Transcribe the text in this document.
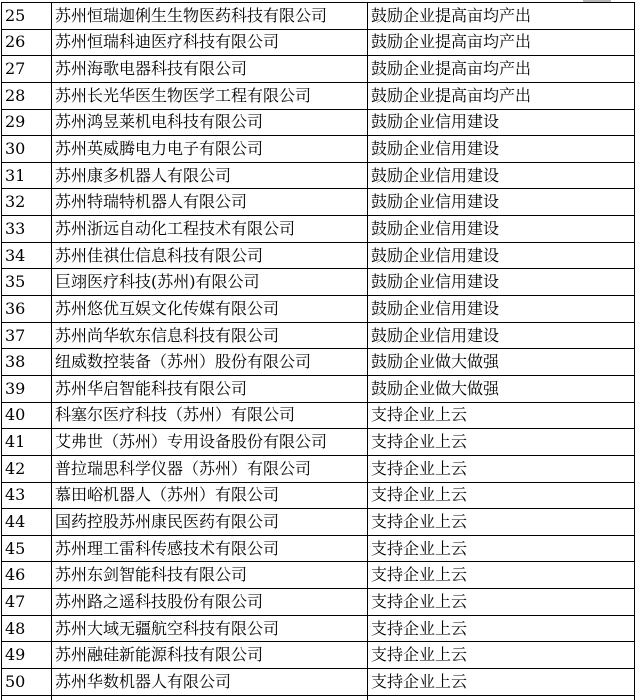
25	苏州恒瑞迦俐生生物医药科技有限公司	鼓励企业提高亩均产出
26	苏州恒瑞科迪医疗科技有限公司	鼓励企业提高亩均产出
27	苏州海歌电器科技有限公司	鼓励企业提高亩均产出
28	苏州长光华医生物医学工程有限公司	鼓励企业提高亩均产出
29	苏州鸿昱莱机电科技有限公司	鼓励企业信用建设
30	苏州英威腾电力电子有限公司	鼓励企业信用建设
31	苏州康多机器人有限公司	鼓励企业信用建设
32	苏州特瑞特机器人有限公司	鼓励企业信用建设
33	苏州浙远自动化工程技术有限公司	鼓励企业信用建设
34	苏州佳祺仕信息科技有限公司	鼓励企业信用建设
35	巨翊医疗科技(苏州)有限公司	鼓励企业信用建设
36	苏州悠优互娱文化传媒有限公司	鼓励企业信用建设
37	苏州尚华软东信息科技有限公司	鼓励企业信用建设
38	纽威数控装备（苏州）股份有限公司	鼓励企业做大做强
39	苏州华启智能科技有限公司	鼓励企业做大做强
40	科塞尔医疗科技（苏州）有限公司	支持企业上云
41	艾弗世（苏州）专用设备股份有限公司	支持企业上云
42	普拉瑞思科学仪器（苏州）有限公司	支持企业上云
43	慕田峪机器人（苏州）有限公司	支持企业上云
44	国药控股苏州康民医药有限公司	支持企业上云
45	苏州理工雷科传感技术有限公司	支持企业上云
46	苏州东剑智能科技有限公司	支持企业上云
47	苏州路之遥科技股份有限公司	支持企业上云
48	苏州大域无疆航空科技有限公司	支持企业上云
49	苏州融硅新能源科技有限公司	支持企业上云
50	苏州华数机器人有限公司	支持企业上云
